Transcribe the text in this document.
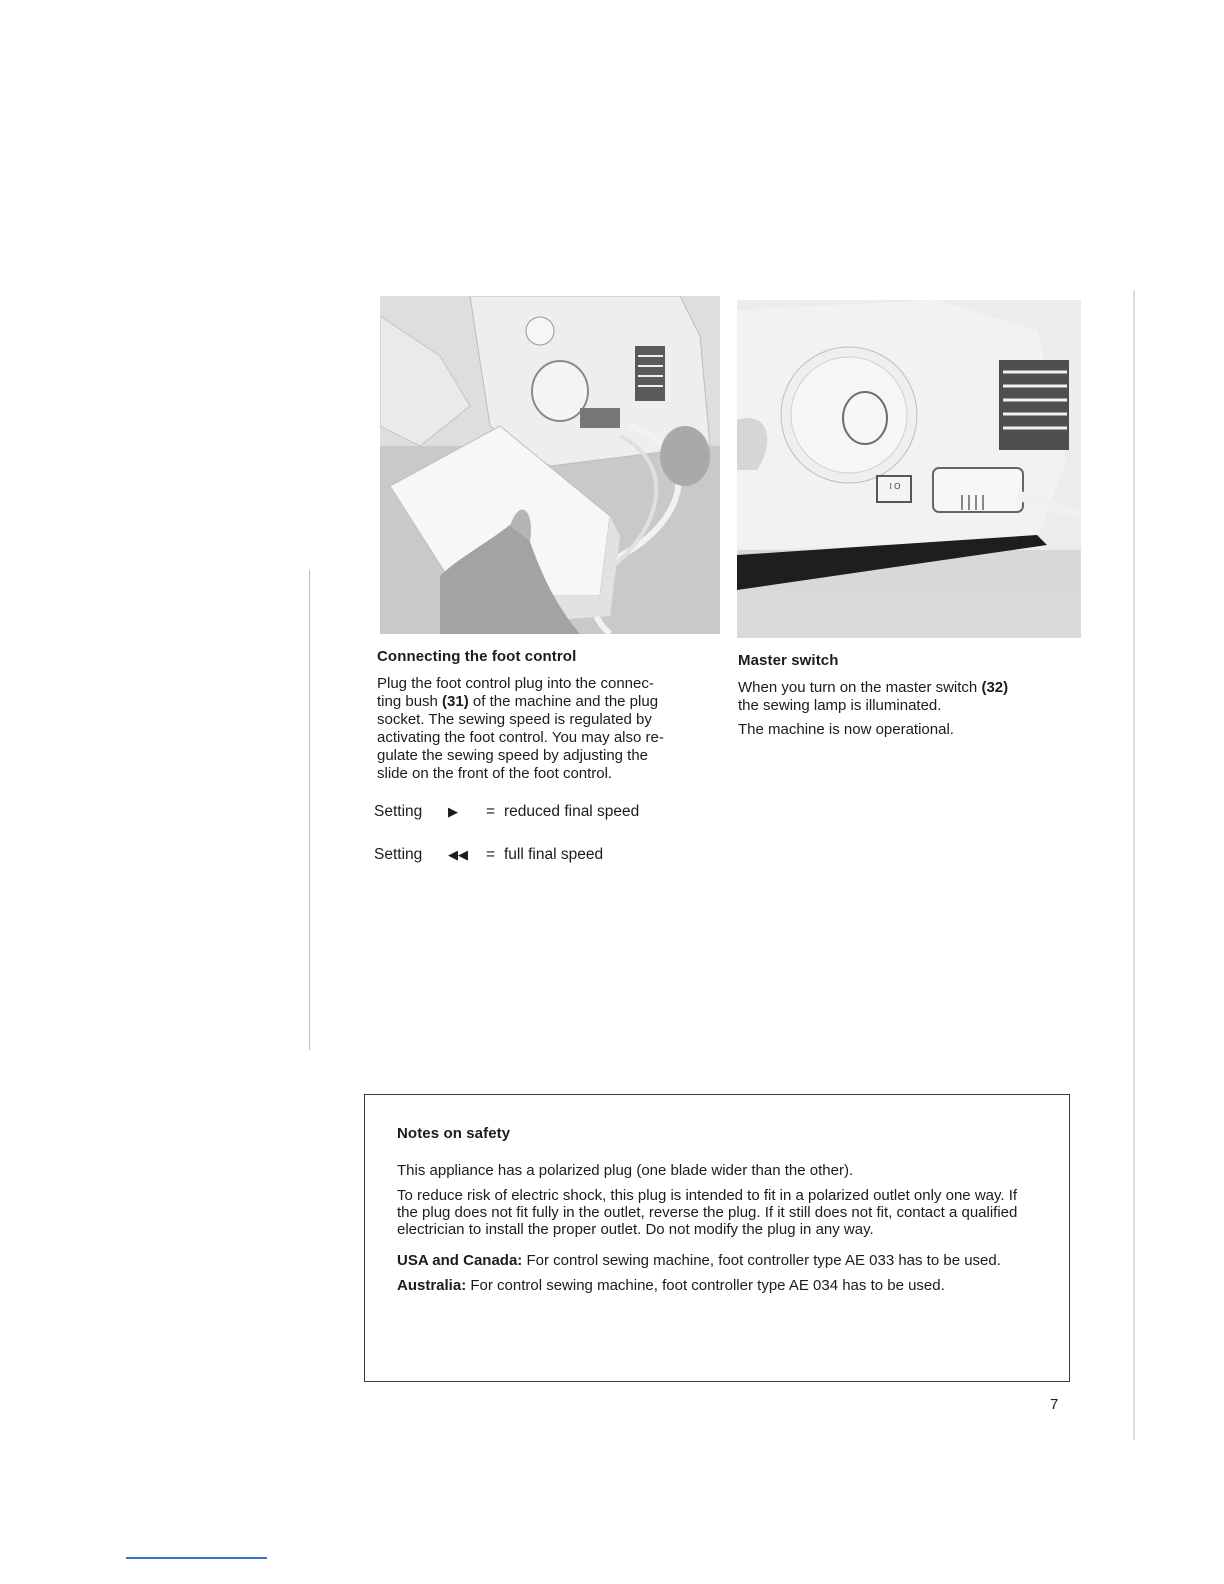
I O
Connecting the foot control

Plug the foot control plug into the connec-

ting bush (31) of the machine and the plug

socket. The sewing speed is regulated by

activating the foot control. You may also re-

gulate the sewing speed by adjusting the

slide on the front of the foot control.

Setting	▶	= reduced final speed
Setting	◀◀	= full final speed
Master switch

When you turn on the master switch (32)

the sewing lamp is illuminated.

The machine is now operational.

Notes on safety

This appliance has a polarized plug (one blade wider than the other).

To reduce risk of electric shock, this plug is intended to fit in a polarized outlet only one way. If the plug does not fit fully in the outlet, reverse the plug. If it still does not fit, contact a qualified electrician to install the proper outlet. Do not modify the plug in any way.

USA and Canada: For control sewing machine, foot controller type AE 033 has to be used.

Australia: For control sewing machine, foot controller type AE 034 has to be used.

7
